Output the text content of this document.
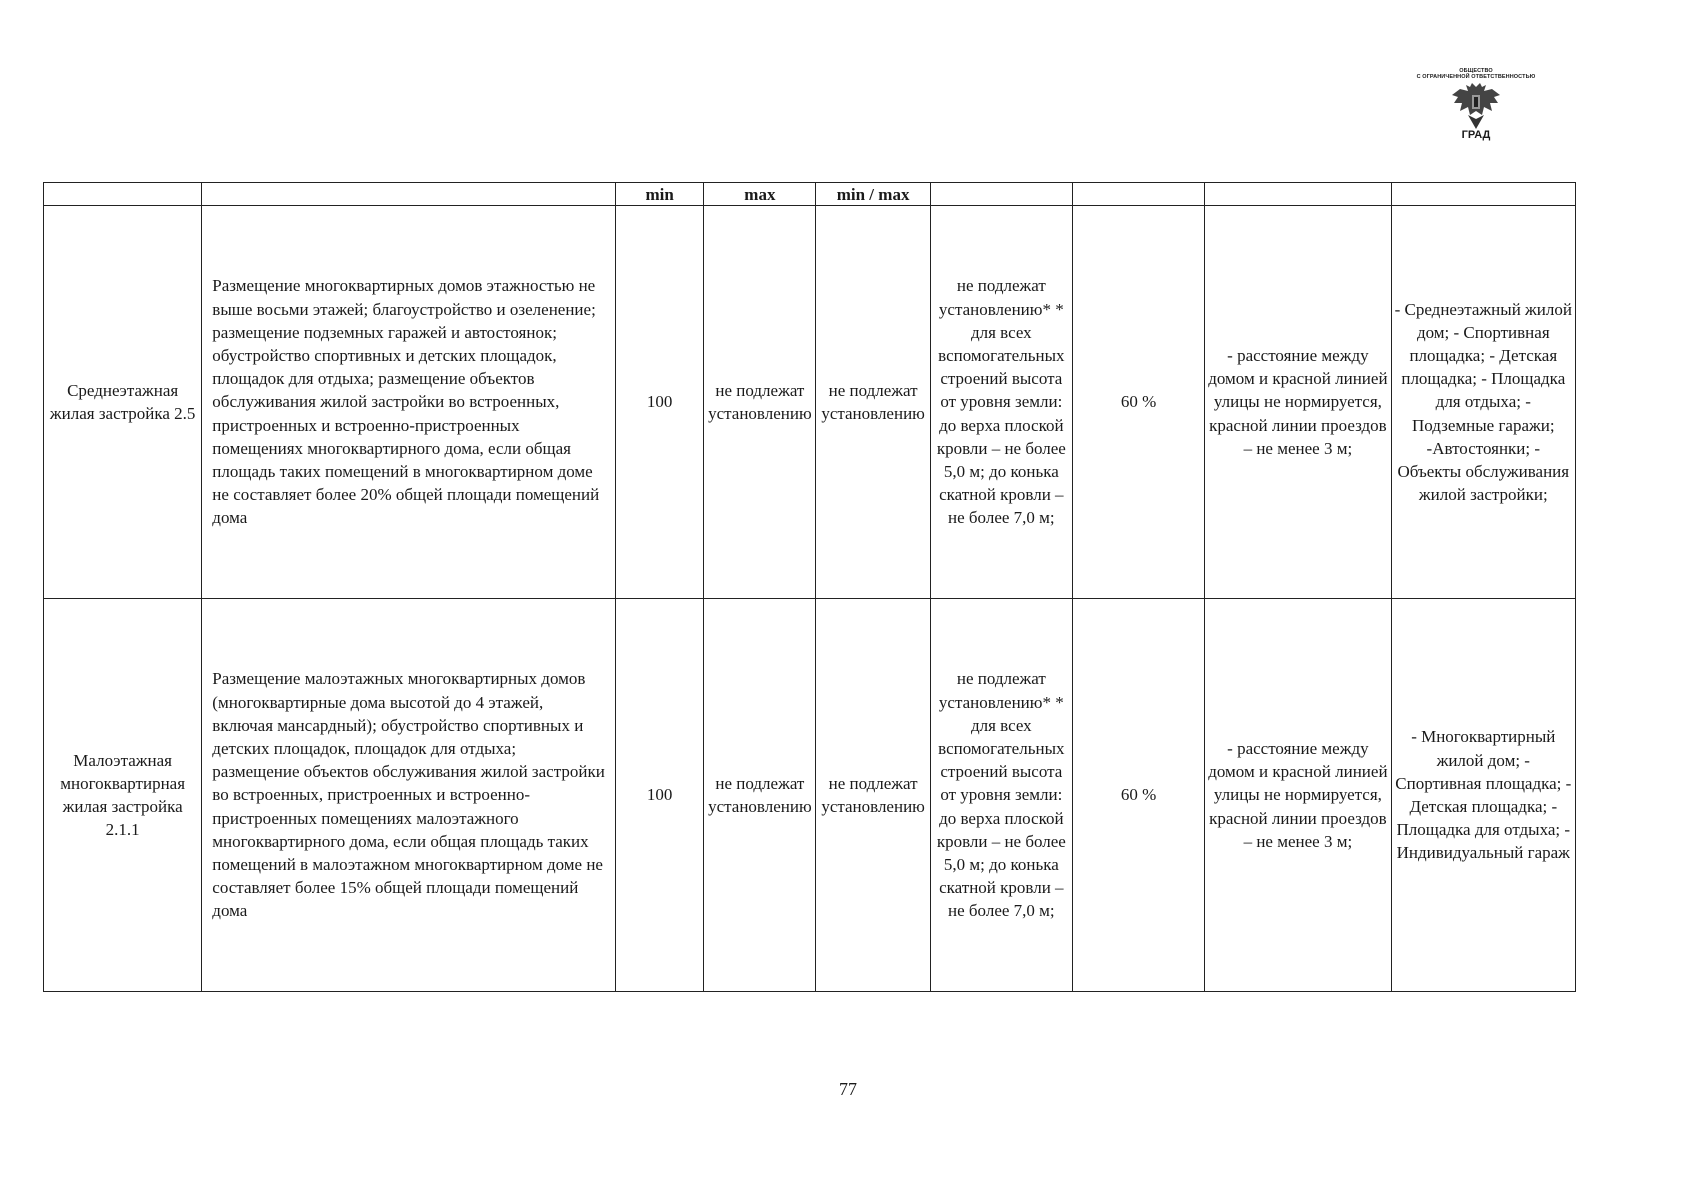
ОБЩЕСТВО
С ОГРАНИЧЕННОЙ ОТВЕТСТВЕННОСТЬЮ
ГРАД
		min	max	min / max				
Среднеэтажная жилая застройка 2.5	Размещение многоквартирных домов этажностью не выше восьми этажей; благоустройство и озеленение; размещение подземных гаражей и автостоянок; обустройство спортивных и детских площадок, площадок для отдыха; размещение объектов обслуживания жилой застройки во встроенных, пристроенных и встроенно-пристроенных помещениях многоквартирного дома, если общая площадь таких помещений в многоквартирном доме не составляет более 20% общей площади помещений дома	100	не подлежат установлению	не подлежат установлению	не подлежат установлению* * для всех вспомогательных строений высота от уровня земли: до верха плоской кровли – не более 5,0 м; до конька скатной кровли – не более 7,0 м;	60 %	- расстояние между домом и красной линией улицы не нормируется, красной линии проездов – не менее 3 м;	- Среднеэтажный жилой дом; - Спортивная площадка; - Детская площадка; - Площадка для отдыха; - Подземные гаражи; -Автостоянки; - Объекты обслуживания жилой застройки;
Малоэтажная многоквартирная жилая застройка 2.1.1	Размещение малоэтажных многоквартирных домов (многоквартирные дома высотой до 4 этажей, включая мансардный); обустройство спортивных и детских площадок, площадок для отдыха; размещение объектов обслуживания жилой застройки во встроенных, пристроенных и встроенно-пристроенных помещениях малоэтажного многоквартирного дома, если общая площадь таких помещений в малоэтажном многоквартирном доме не составляет более 15% общей площади помещений дома	100	не подлежат установлению	не подлежат установлению	не подлежат установлению* * для всех вспомогательных строений высота от уровня земли: до верха плоской кровли – не более 5,0 м; до конька скатной кровли – не более 7,0 м;	60 %	- расстояние между домом и красной линией улицы не нормируется, красной линии проездов – не менее 3 м;	- Многоквартирный жилой дом; - Спортивная площадка; - Детская площадка; - Площадка для отдыха; - Индивидуальный гараж
77
